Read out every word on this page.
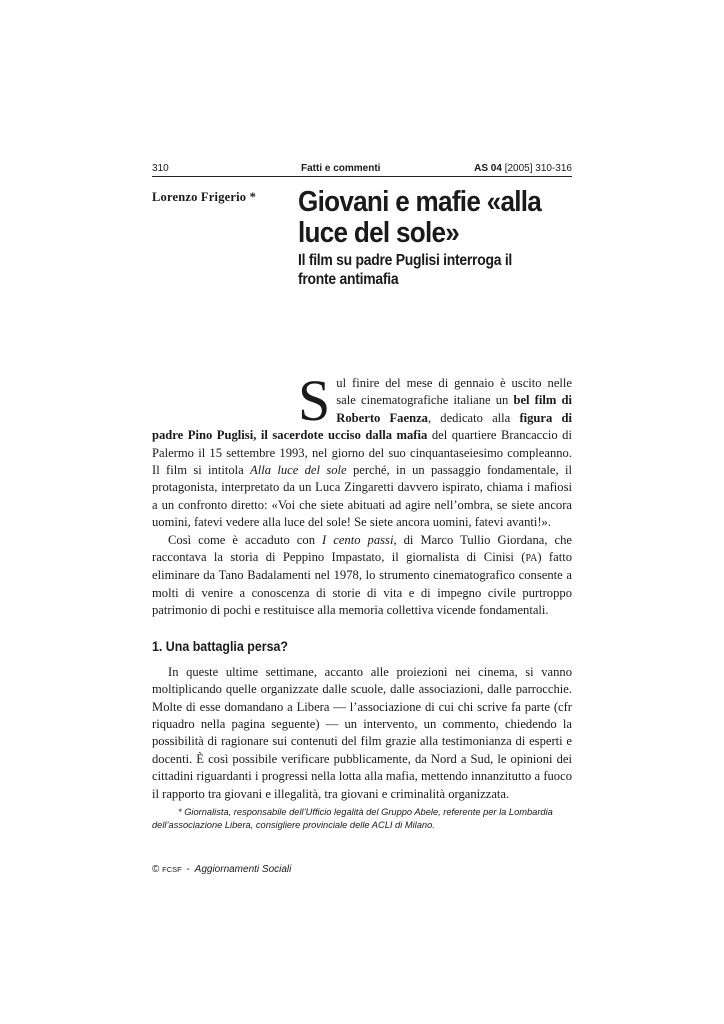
310	Fatti e commenti	AS 04 [2005] 310-316
Lorenzo Frigerio * Giovani e mafie «alla luce del sole»
Il film su padre Puglisi interroga il fronte antimafia

Sul finire del mese di gennaio è uscito nelle sale cinematografiche italiane un bel film di Roberto Faenza, dedicato alla figura di padre Pino Puglisi, il sacerdote ucciso dalla mafia del quartiere Brancaccio di Palermo il 15 settembre 1993, nel giorno del suo cinquantaseiesimo compleanno. Il film si intitola Alla luce del sole perché, in un passaggio fondamentale, il protagonista, interpretato da un Luca Zingaretti davvero ispirato, chiama i mafiosi a un confronto diretto: «Voi che siete abituati ad agire nell’ombra, se siete ancora uomini, fatevi vedere alla luce del sole! Se siete ancora uomini, fatevi avanti!».

Così come è accaduto con I cento passi, di Marco Tullio Giordana, che raccontava la storia di Peppino Impastato, il giornalista di Cinisi (PA) fatto eliminare da Tano Badalamenti nel 1978, lo strumento cinematografico consente a molti di venire a conoscenza di storie di vita e di impegno civile purtroppo patrimonio di pochi e restituisce alla memoria collettiva vicende fondamentali.

1. Una battaglia persa?

In queste ultime settimane, accanto alle proiezioni nei cinema, si vanno moltiplicando quelle organizzate dalle scuole, dalle associazioni, dalle parrocchie. Molte di esse domandano a Libera — l’associazione di cui chi scrive fa parte (cfr riquadro nella pagina seguente) — un intervento, un commento, chiedendo la possibilità di ragionare sui contenuti del film grazie alla testimonianza di esperti e docenti. È così possibile verificare pubblicamente, da Nord a Sud, le opinioni dei cittadini riguardanti i progressi nella lotta alla mafia, mettendo innanzitutto a fuoco il rapporto tra giovani e illegalità, tra giovani e criminalità organizzata.

* Giornalista, responsabile dell’Ufficio legalità del Gruppo Abele, referente per la Lombardia dell’associazione Libera, consigliere provinciale delle ACLI di Milano.
© FCSF - Aggiornamenti Sociali
